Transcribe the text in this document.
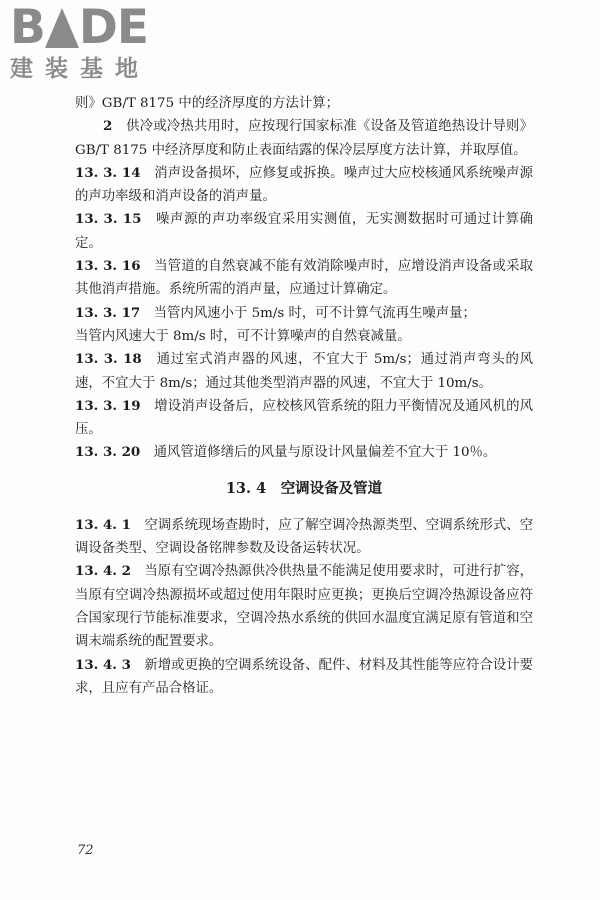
B D E
建装基地

则》GB/T 8175 中的经济厚度的方法计算；

2　 供冷或冷热共用时，应按现行国家标准《设备及管道绝热设计导则》GB/T 8175 中经济厚度和防止表面结露的保冷层厚度方法计算，并取厚值。

13. 3. 14　 消声设备损坏，应修复或拆换。噪声过大应校核通风系统噪声源的声功率级和消声设备的消声量。

13. 3. 15　 噪声源的声功率级宜采用实测值，无实测数据时可通过计算确定。

13. 3. 16　 当管道的自然衰减不能有效消除噪声时，应增设消声设备或采取其他消声措施。系统所需的消声量，应通过计算确定。

13. 3. 17　 当管内风速小于 5m/s 时，可不计算气流再生噪声量；
当管内风速大于 8m/s 时，可不计算噪声的自然衰减量。

13. 3. 18　 通过室式消声器的风速，不宜大于 5m/s；通过消声弯头的风速，不宜大于 8m/s；通过其他类型消声器的风速，不宜大于 10m/s。

13. 3. 19　 增设消声设备后，应校核风管系统的阻力平衡情况及通风机的风压。

13. 3. 20　 通风管道修缮后的风量与原设计风量偏差不宜大于 10％。

13. 4　 空调设备及管道

13. 4. 1　 空调系统现场查勘时，应了解空调冷热源类型、空调系统形式、空调设备类型、空调设备铭牌参数及设备运转状况。

13. 4. 2　 当原有空调冷热源供冷供热量不能满足使用要求时，可进行扩容，当原有空调冷热源损坏或超过使用年限时应更换；更换后空调冷热源设备应符合国家现行节能标准要求，空调冷热水系统的供回水温度宜满足原有管道和空调末端系统的配置要求。

13. 4. 3　 新增或更换的空调系统设备、配件、材料及其性能等应符合设计要求，且应有产品合格证。

72
